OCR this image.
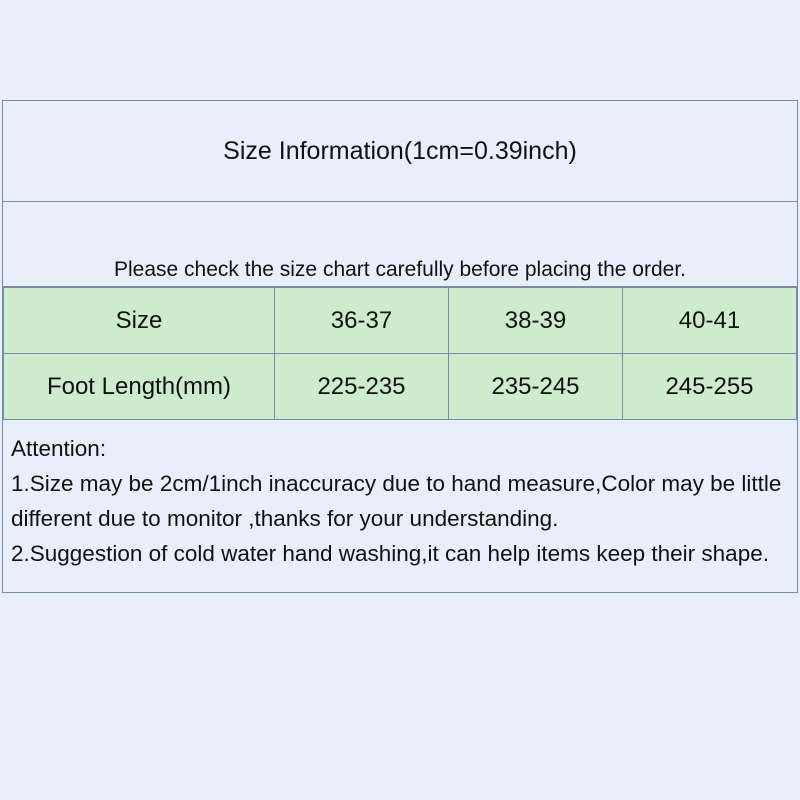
Size Information(1cm=0.39inch)
Please check the size chart carefully before placing the order.
Size	36-37	38-39	40-41
Foot Length(mm)	225-235	235-245	245-255
Attention:
1.Size may be 2cm/1inch inaccuracy due to hand measure,Color may be little different due to monitor ,thanks for your understanding.
2.Suggestion of cold water hand washing,it can help items keep their shape.
